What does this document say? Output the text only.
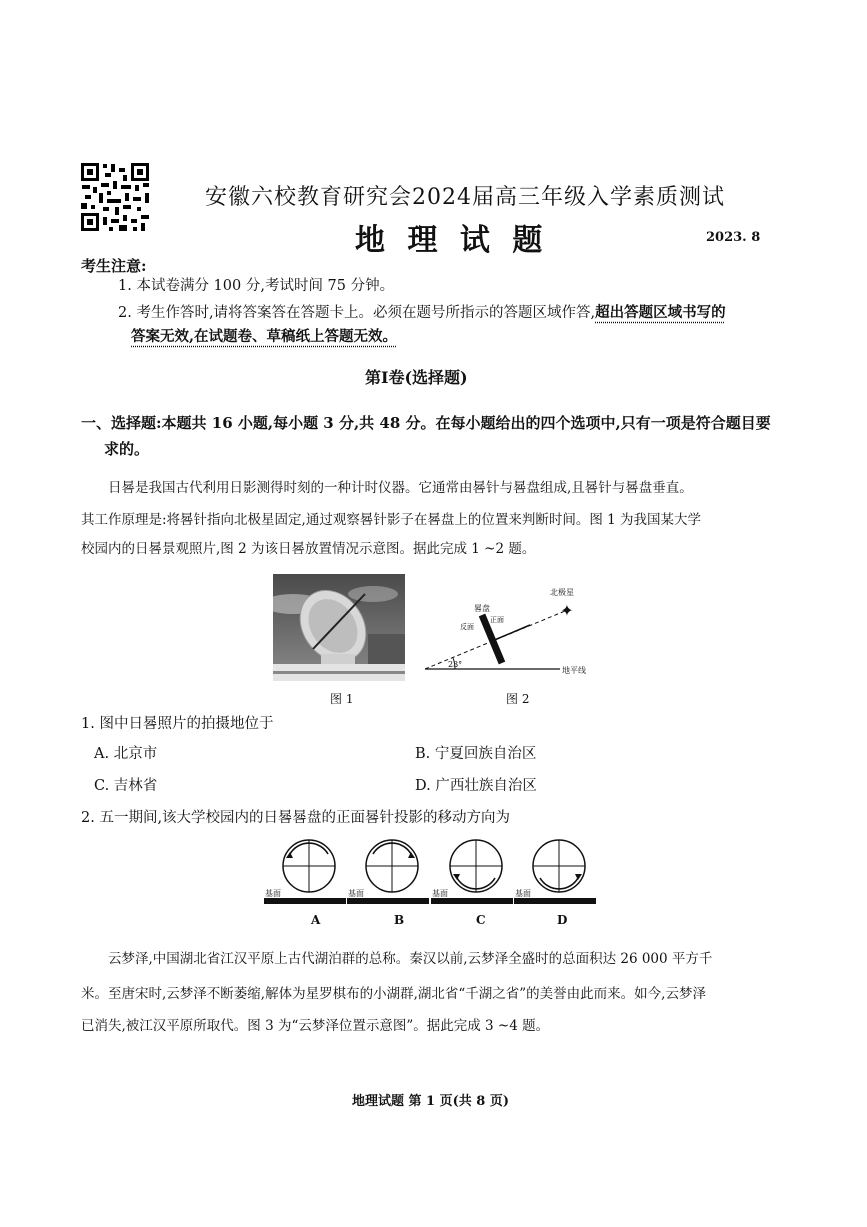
安徽六校教育研究会2024届高三年级入学素质测试
地 理 试 题	2023. 8
考生注意:
1. 本试卷满分 100 分,考试时间 75 分钟。
2. 考生作答时,请将答案答在答题卡上。必须在题号所指示的答题区域作答,超出答题区域书写的
答案无效,在试题卷、草稿纸上答题无效。
第Ⅰ卷(选择题)
一、选择题:本题共 16 小题,每小题 3 分,共 48 分。在每小题给出的四个选项中,只有一项是符合题目要
求的。
日晷是我国古代利用日影测得时刻的一种计时仪器。它通常由晷针与晷盘组成,且晷针与晷盘垂直。
其工作原理是:将晷针指向北极星固定,通过观察晷针影子在晷盘上的位置来判断时间。图 1 为我国某大学
校园内的日晷景观照片,图 2 为该日晷放置情况示意图。据此完成 1 ~2 题。
✦
23°
晷盘
正面
反面
北极星
地平线
图 1	图 2
1. 图中日晷照片的拍摄地位于
A. 北京市	B. 宁夏回族自治区
C. 吉林省	D. 广西壮族自治区
2. 五一期间,该大学校园内的日晷晷盘的正面晷针投影的移动方向为
基面	基面	基面	基面
A	B	C	D
云梦泽,中国湖北省江汉平原上古代湖泊群的总称。秦汉以前,云梦泽全盛时的总面积达 26 000 平方千
米。至唐宋时,云梦泽不断萎缩,解体为星罗棋布的小湖群,湖北省“千湖之省”的美誉由此而来。如今,云梦泽
已消失,被江汉平原所取代。图 3 为“云梦泽位置示意图”。据此完成 3 ~4 题。
地理试题 第 1 页(共 8 页)
